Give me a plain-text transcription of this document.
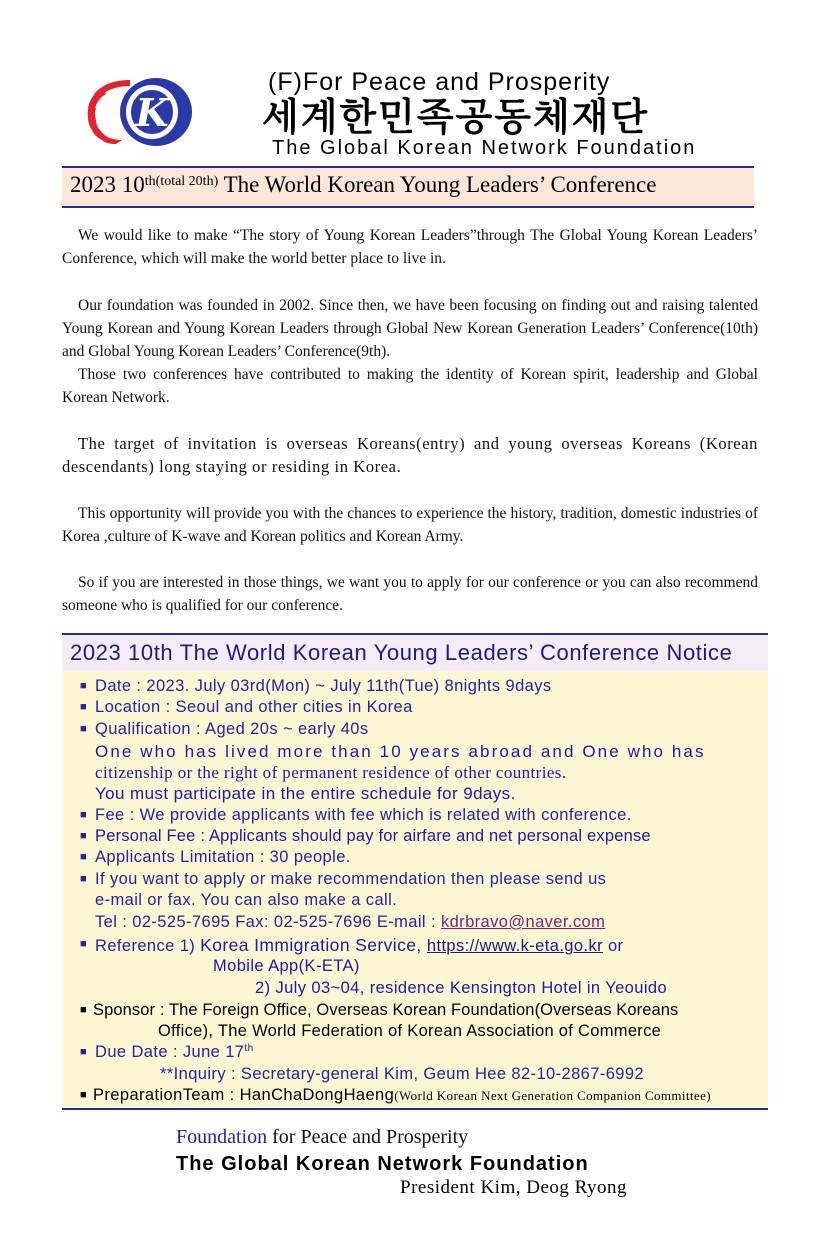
K
(F)For Peace and Prosperity
세계한민족공동체재단
The Global Korean Network Foundation
2023 $10^{th(total 20th)}$ The World Korean Young Leaders’ Conference
We would like to make “The story of Young Korean Leaders”through The Global Young Korean Leaders’ Conference, which will make the world better place to live in.
Our foundation was founded in 2002. Since then, we have been focusing on finding out and raising talented Young Korean and Young Korean Leaders through Global New Korean Generation Leaders’ Conference(10th) and Global Young Korean Leaders’ Conference(9th).
Those two conferences have contributed to making the identity of Korean spirit, leadership and Global Korean Network.
The target of invitation is overseas Koreans(entry) and young overseas Koreans (Korean descendants) long staying or residing in Korea.
This opportunity will provide you with the chances to experience the history, tradition, domestic industries of Korea ,culture of K-wave and Korean politics and Korean Army.
So if you are interested in those things, we want you to apply for our conference or you can also recommend someone who is qualified for our conference.
2023 10th The World Korean Young Leaders’ Conference Notice
■ Date : 2023. July 03rd(Mon) ~ July 11th(Tue) 8nights 9days
■ Location : Seoul and other cities in Korea
■ Qualification : Aged 20s ~ early 40s
One who has lived more than 10 years abroad and One who has
citizenship or the right of permanent residence of other countries.
You must participate in the entire schedule for 9days.
■ Fee : We provide applicants with fee which is related with conference.
■ Personal Fee : Applicants should pay for airfare and net personal expense
■ Applicants Limitation : 30 people.
■ If you want to apply or make recommendation then please send us
e-mail or fax. You can also make a call.
Tel : 02-525-7695 Fax: 02-525-7696 E-mail : kdrbravo@naver.com
■ Reference 1) Korea Immigration Service, https://www.k-eta.go.kr or
Mobile App(K-ETA)
2) July 03~04, residence Kensington Hotel in Yeouido
■ Sponsor : The Foreign Office, Overseas Korean Foundation(Overseas Koreans
Office), The World Federation of Korean Association of Commerce
■ Due Date : June 17th
**Inquiry : Secretary-general Kim, Geum Hee 82-10-2867-6992
■ PreparationTeam : HanChaDongHaeng(World Korean Next Generation Companion Committee)
Foundation for Peace and Prosperity
The Global Korean Network Foundation
President Kim, Deog Ryong
